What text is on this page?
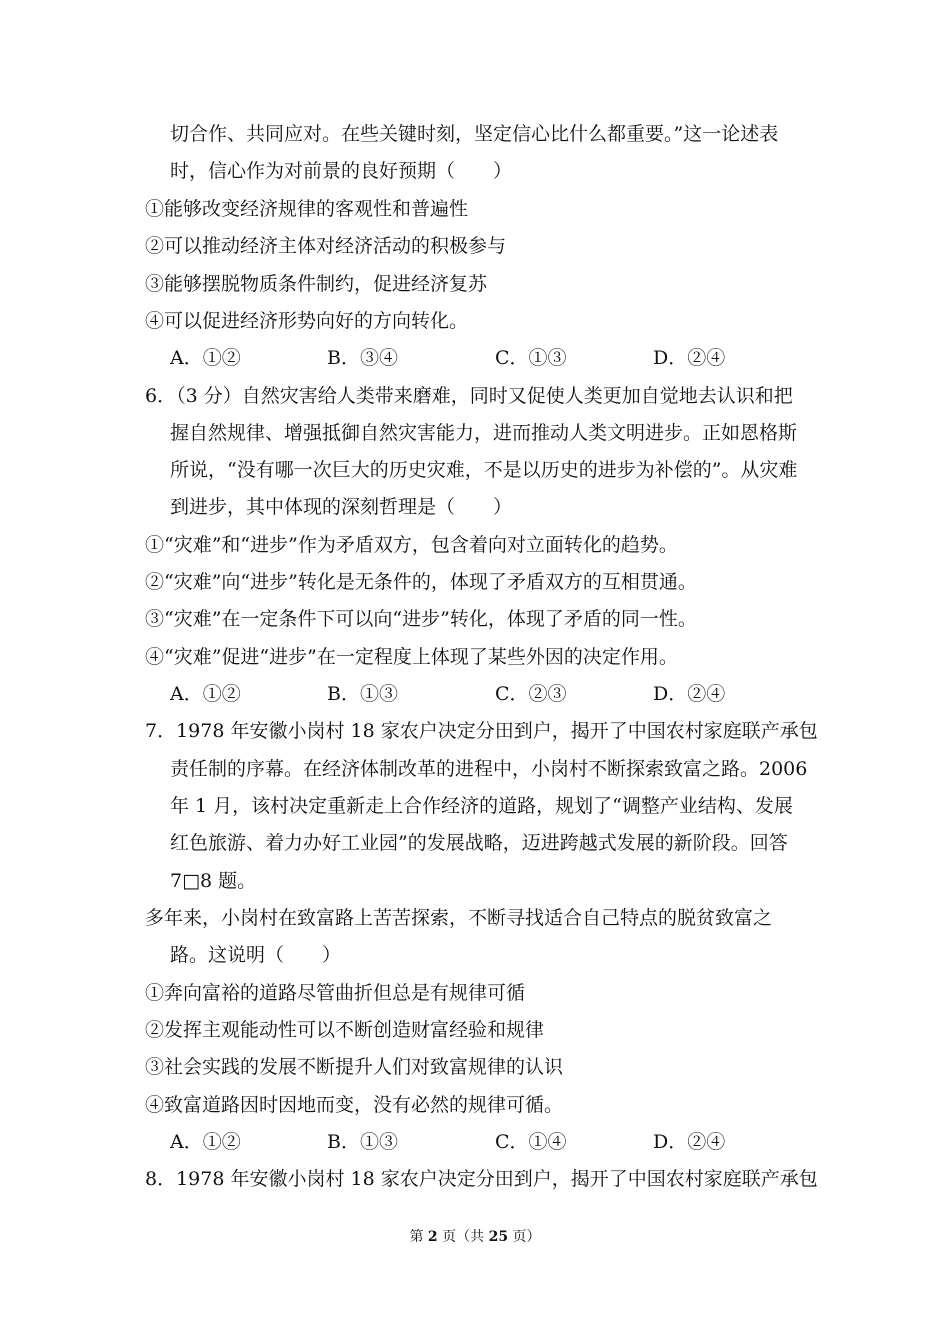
切合作、共同应对。在些关键时刻，坚定信心比什么都重要。”这一论述表
时，信心作为对前景的良好预期（　　）
①能够改变经济规律的客观性和普遍性
②可以推动经济主体对经济活动的积极参与
③能够摆脱物质条件制约，促进经济复苏
④可以促进经济形势向好的方向转化。
A．①②	B．③④	C．①③	D．②④
6．（3 分）自然灾害给人类带来磨难，同时又促使人类更加自觉地去认识和把
握自然规律、增强抵御自然灾害能力，进而推动人类文明进步。正如恩格斯
所说，“没有哪一次巨大的历史灾难，不是以历史的进步为补偿的”。从灾难
到进步，其中体现的深刻哲理是（　　）
①“灾难”和“进步”作为矛盾双方，包含着向对立面转化的趋势。
②“灾难”向“进步”转化是无条件的，体现了矛盾双方的互相贯通。
③“灾难”在一定条件下可以向“进步”转化，体现了矛盾的同一性。
④“灾难”促进“进步”在一定程度上体现了某些外因的决定作用。
A．①②	B．①③	C．②③	D．②④
7．1978 年安徽小岗村 18 家农户决定分田到户，揭开了中国农村家庭联产承包
责任制的序幕。在经济体制改革的进程中，小岗村不断探索致富之路。2006
年 1 月，该村决定重新走上合作经济的道路，规划了“调整产业结构、发展
红色旅游、着力办好工业园”的发展战略，迈进跨越式发展的新阶段。回答
7□8 题。
多年来，小岗村在致富路上苦苦探索，不断寻找适合自己特点的脱贫致富之
路。这说明（　　）
①奔向富裕的道路尽管曲折但总是有规律可循
②发挥主观能动性可以不断创造财富经验和规律
③社会实践的发展不断提升人们对致富规律的认识
④致富道路因时因地而变，没有必然的规律可循。
A．①②	B．①③	C．①④	D．②④
8．1978 年安徽小岗村 18 家农户决定分田到户，揭开了中国农村家庭联产承包
第 2 页（共 25 页）
